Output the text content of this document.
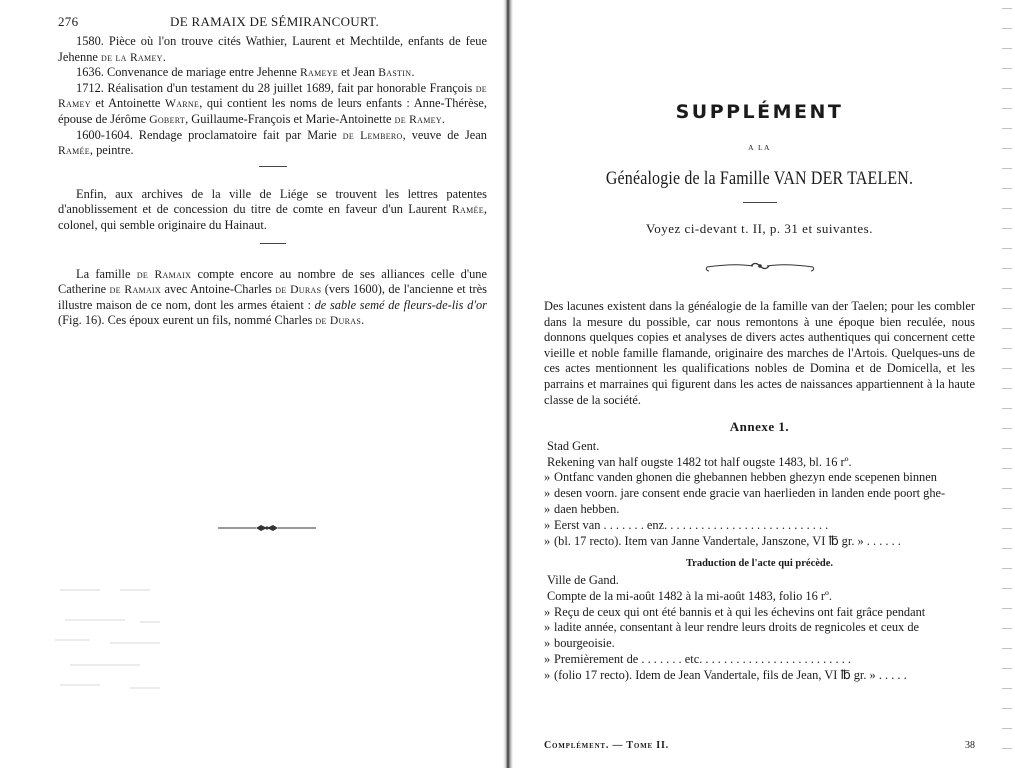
276	DE RAMAIX DE SÉMIRANCOURT.

1580. Pièce où l'on trouve cités Wathier, Laurent et Mechtilde, enfants de feue Jehenne de la Ramey.

1636. Convenance de mariage entre Jehenne Rameye et Jean Bastin.

1712. Réalisation d'un testament du 28 juillet 1689, fait par honorable François de Ramey et Antoinette Warne, qui contient les noms de leurs enfants : Anne-Thérèse, épouse de Jérôme Gobert, Guillaume-François et Marie-Antoinette de Ramey.

1600-1604. Rendage proclamatoire fait par Marie de Lembero, veuve de Jean Ramée, peintre.

Enfin, aux archives de la ville de Liége se trouvent les lettres patentes d'anoblissement et de concession du titre de comte en faveur d'un Laurent Ramée, colonel, qui semble originaire du Hainaut.

La famille de Ramaix compte encore au nombre de ses alliances celle d'une Catherine de Ramaix avec Antoine-Charles de Duras (vers 1600), de l'ancienne et très illustre maison de ce nom, dont les armes étaient : de sable semé de fleurs-de-lis d'or (Fig. 16). Ces époux eurent un fils, nommé Charles de Duras.

SUPPLÉMENT
A LA
Généalogie de la Famille VAN DER TAELEN.
Voyez ci-devant t. II, p. 31 et suivantes.

Des lacunes existent dans la généalogie de la famille van der Taelen; pour les combler dans la mesure du possible, car nous remontons à une époque bien reculée, nous donnons quelques copies et analyses de divers actes authentiques qui concernent cette vieille et noble famille flamande, originaire des marches de l'Artois. Quelques-uns de ces actes mentionnent les qualifications nobles de Domina et de Domicella, et les parrains et marraines qui figurent dans les actes de naissances appartiennent à la haute classe de la société.

Annexe 1.

Stad Gent.

Rekening van half ougste 1482 tot half ougste 1483, bl. 16 rº.

» Ontfanc vanden ghonen die ghebannen hebben ghezyn ende scepenen binnen
» desen voorn. jare consent ende gracie van haerlieden in landen ende poort ghe-
» daen hebben.
» Eerst van . . . . . . . enz. . . . . . . . . . . . . . . . . . . . . . . . . . .
» (bl. 17 recto). Item van Janne Vandertale, Janszone, VI ℔ gr. » . . . . . .
Traduction de l'acte qui précède.

Ville de Gand.

Compte de la mi-août 1482 à la mi-août 1483, folio 16 rº.

» Reçu de ceux qui ont été bannis et à qui les échevins ont fait grâce pendant
» ladite année, consentant à leur rendre leurs droits de regnicoles et ceux de
» bourgeoisie.
» Premièrement de . . . . . . . etc. . . . . . . . . . . . . . . . . . . . . . . . .
» (folio 17 recto). Idem de Jean Vandertale, fils de Jean, VI ℔ gr. » . . . . .
Complément. — Tome II.	38
